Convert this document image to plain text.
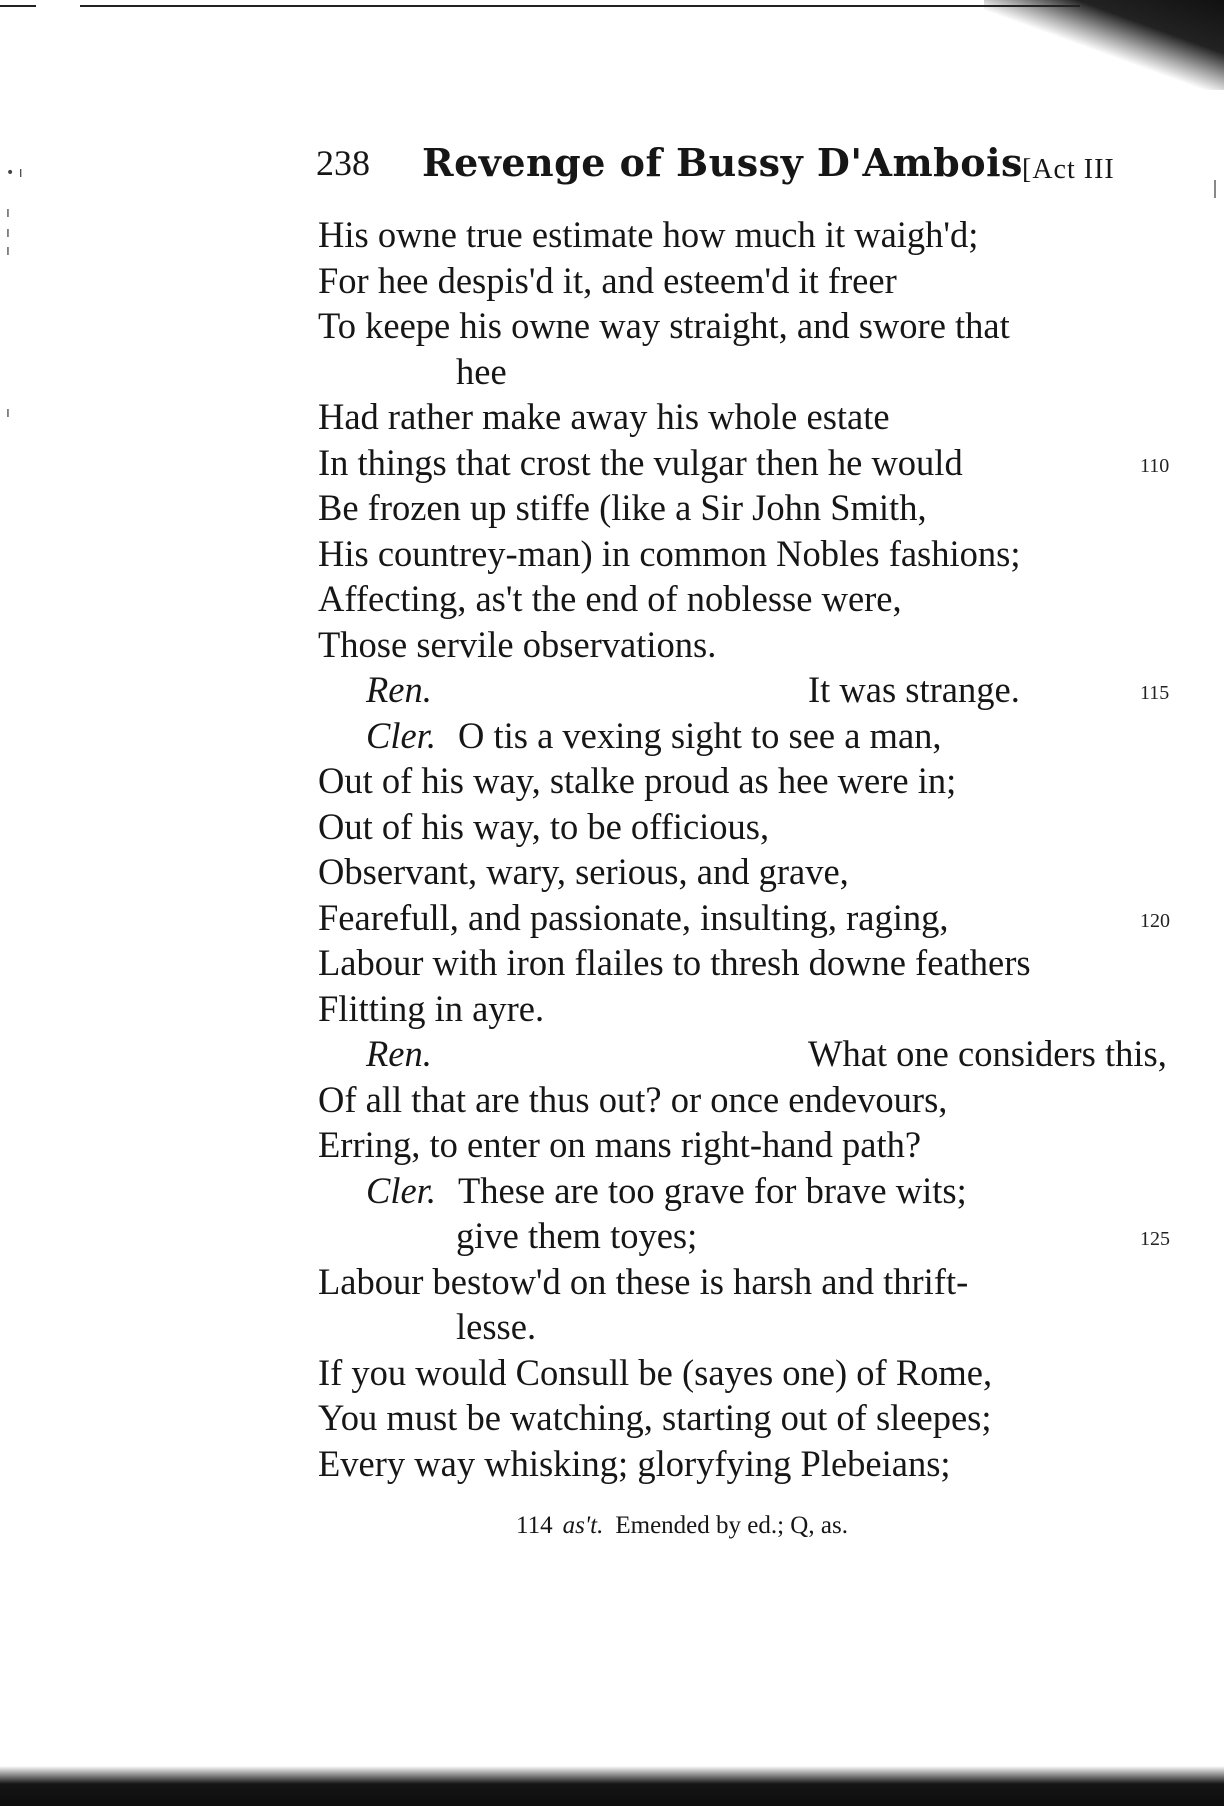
• ı
ı
ı
ı
ı
238 Revenge of Bussy D'Ambois [Act III
His owne true estimate how much it waigh'd;
For hee despis'd it, and esteem'd it freer
To keepe his owne way straight, and swore that
hee
Had rather make away his whole estate
In things that crost the vulgar then he would	110
Be frozen up stiffe (like a Sir John Smith,
His countrey-man) in common Nobles fashions;
Affecting, as't the end of noblesse were,
Those servile observations.
Ren.	It was strange.	115
Cler. O tis a vexing sight to see a man,
Out of his way, stalke proud as hee were in;
Out of his way, to be officious,
Observant, wary, serious, and grave,
Fearefull, and passionate, insulting, raging,	120
Labour with iron flailes to thresh downe feathers
Flitting in ayre.
Ren.	What one considers this,
Of all that are thus out? or once endevours,
Erring, to enter on mans right-hand path?
Cler. These are too grave for brave wits;
give them toyes;	125
Labour bestow'd on these is harsh and thrift-
lesse.
If you would Consull be (sayes one) of Rome,
You must be watching, starting out of sleepes;
Every way whisking; gloryfying Plebeians;
114 as't. Emended by ed.; Q, as.
